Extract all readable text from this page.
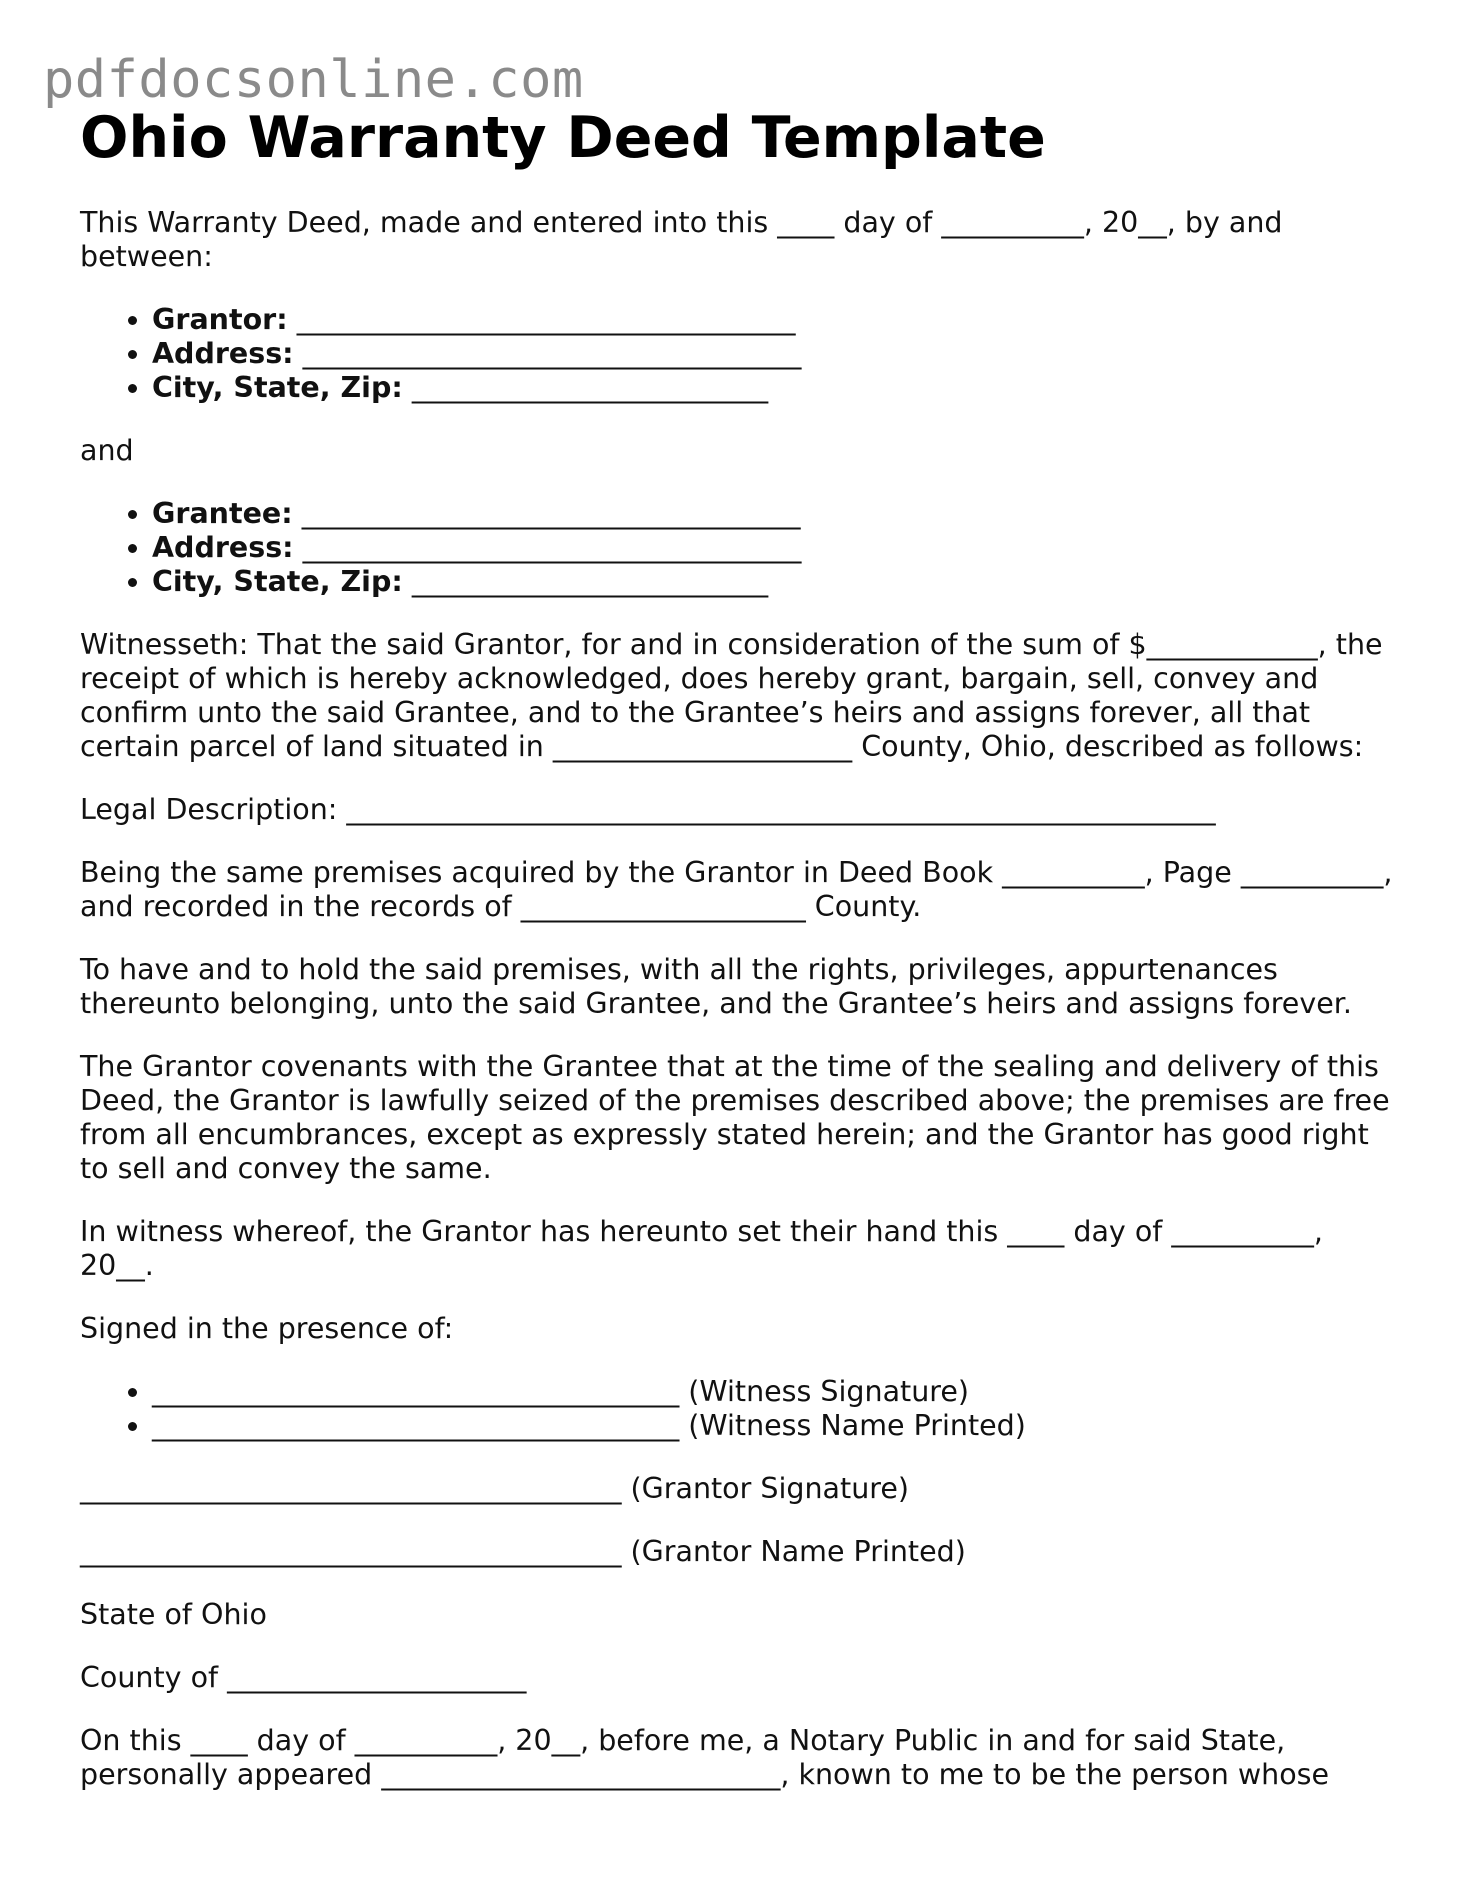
pdfdocsonline.com
Ohio Warranty Deed Template

This Warranty Deed, made and entered into this ____ day of __________, 20__, by and between:

• Grantor: ___________________________________
• Address: ___________________________________
• City, State, Zip: _________________________

and

• Grantee: ___________________________________
• Address: ___________________________________
• City, State, Zip: _________________________

Witnesseth: That the said Grantor, for and in consideration of the sum of $____________, the receipt of which is hereby acknowledged, does hereby grant, bargain, sell, convey and confirm unto the said Grantee, and to the Grantee’s heirs and assigns forever, all that certain parcel of land situated in _____________________ County, Ohio, described as follows:

Legal Description: _____________________________________________________________

Being the same premises acquired by the Grantor in Deed Book __________, Page __________, and recorded in the records of ____________________ County.

To have and to hold the said premises, with all the rights, privileges, appurtenances thereunto belonging, unto the said Grantee, and the Grantee’s heirs and assigns forever.

The Grantor covenants with the Grantee that at the time of the sealing and delivery of this Deed, the Grantor is lawfully seized of the premises described above; the premises are free from all encumbrances, except as expressly stated herein; and the Grantor has good right to sell and convey the same.

In witness whereof, the Grantor has hereunto set their hand this ____ day of __________, 20__.

Signed in the presence of:

• _____________________________________ (Witness Signature)
• _____________________________________ (Witness Name Printed)

______________________________________ (Grantor Signature)

______________________________________ (Grantor Name Printed)

State of Ohio

County of _____________________

On this ____ day of __________, 20__, before me, a Notary Public in and for said State, personally appeared ____________________________, known to me to be the person whose
